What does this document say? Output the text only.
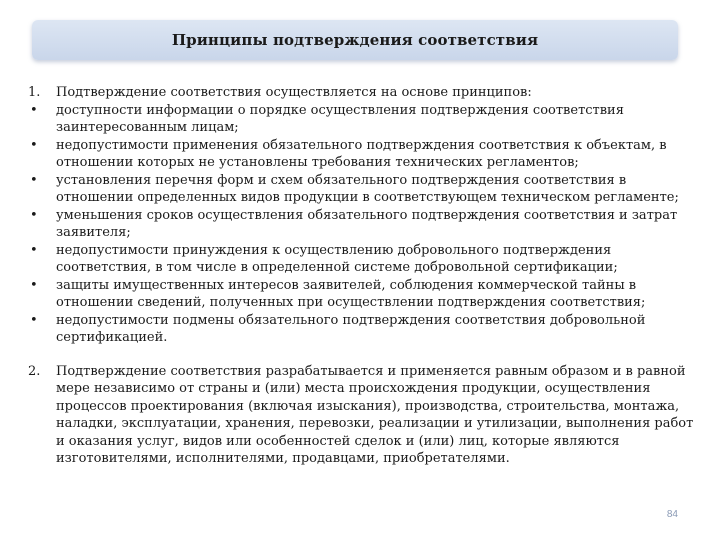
Принципы подтверждения соответствия
1.	Подтверждение соответствия осуществляется на основе принципов:
•	доступности информации о порядке осуществления подтверждения соответствия заинтересованным лицам;
•	недопустимости применения обязательного подтверждения соответствия к объектам, в отношении которых не установлены требования технических регламентов;
•	установления перечня форм и схем обязательного подтверждения соответствия в отношении определенных видов продукции в соответствующем техническом регламенте;
•	уменьшения сроков осуществления обязательного подтверждения соответствия и затрат заявителя;
•	недопустимости принуждения к осуществлению добровольного подтверждения соответствия, в том числе в определенной системе добровольной сертификации;
•	защиты имущественных интересов заявителей, соблюдения коммерческой тайны в отношении сведений, полученных при осуществлении подтверждения соответствия;
•	недопустимости подмены обязательного подтверждения соответствия добровольной сертификацией.
2.	Подтверждение соответствия разрабатывается и применяется равным образом и в равной мере независимо от страны и (или) места происхождения продукции, осуществления процессов проектирования (включая изыскания), производства, строительства, монтажа, наладки, эксплуатации, хранения, перевозки, реализации и утилизации, выполнения работ и оказания услуг, видов или особенностей сделок и (или) лиц, которые являются изготовителями, исполнителями, продавцами, приобретателями.
84
